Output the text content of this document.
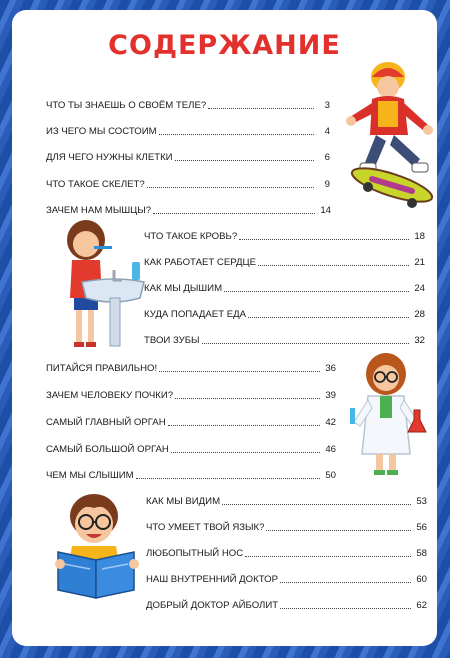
СОДЕРЖАНИЕ
ЧТО ТЫ ЗНАЕШЬ О СВОЁМ ТЕЛЕ?	3
ИЗ ЧЕГО МЫ СОСТОИМ	4
ДЛЯ ЧЕГО НУЖНЫ КЛЕТКИ	6
ЧТО ТАКОЕ СКЕЛЕТ?	9
ЗАЧЕМ НАМ МЫШЦЫ?	14
ЧТО ТАКОЕ КРОВЬ?	18
КАК РАБОТАЕТ СЕРДЦЕ	21
КАК МЫ ДЫШИМ	24
КУДА ПОПАДАЕТ ЕДА	28
ТВОИ ЗУБЫ	32
ПИТАЙСЯ ПРАВИЛЬНО!	36
ЗАЧЕМ ЧЕЛОВЕКУ ПОЧКИ?	39
САМЫЙ ГЛАВНЫЙ ОРГАН	42
САМЫЙ БОЛЬШОЙ ОРГАН	46
ЧЕМ МЫ СЛЫШИМ	50
КАК МЫ ВИДИМ	53
ЧТО УМЕЕТ ТВОЙ ЯЗЫК?	56
ЛЮБОПЫТНЫЙ НОС	58
НАШ ВНУТРЕННИЙ ДОКТОР	60
ДОБРЫЙ ДОКТОР АЙБОЛИТ	62
